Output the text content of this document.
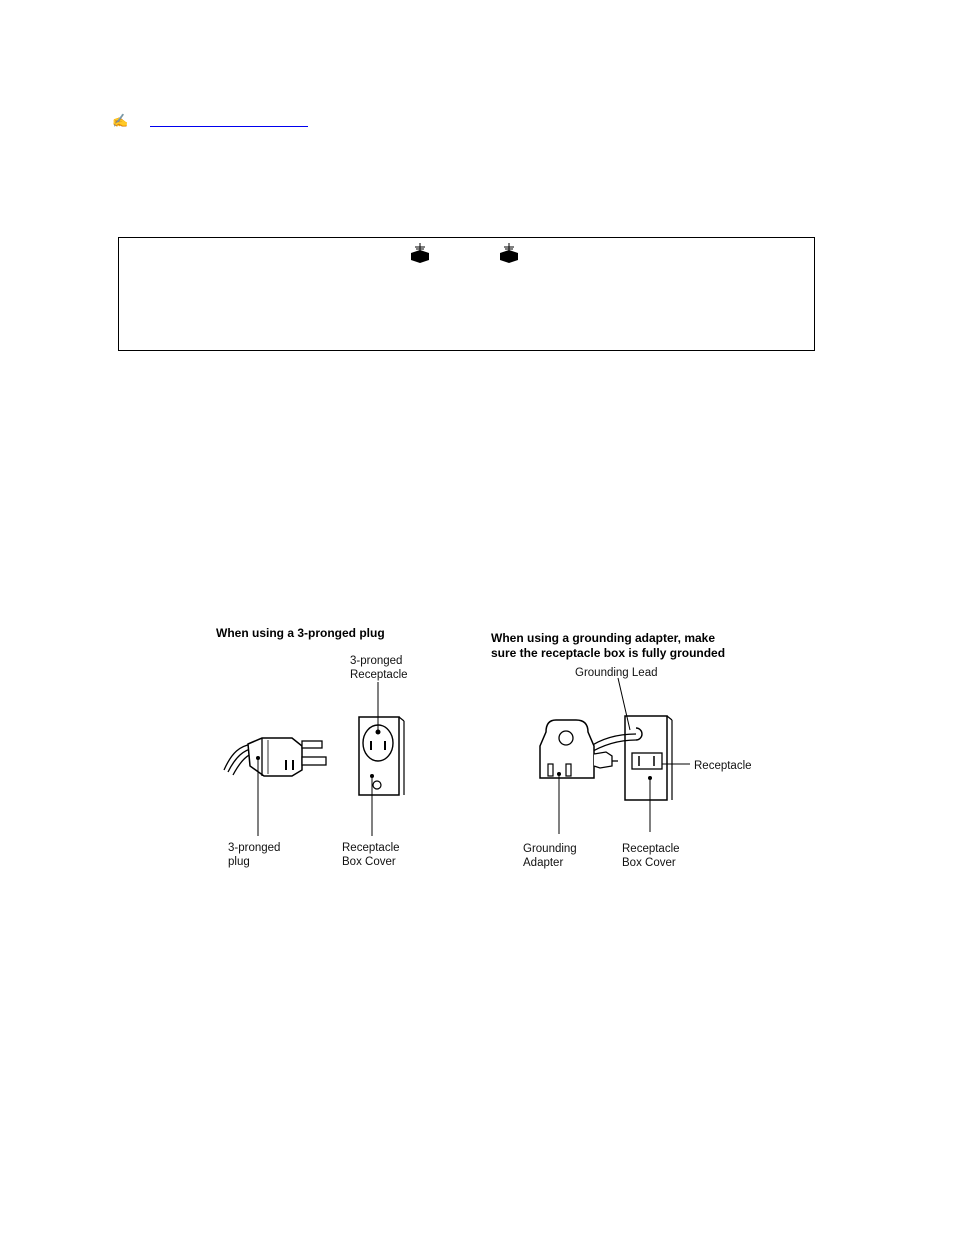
✍
When using a 3-pronged plug	When using a grounding adapter, make
sure the receptacle box is fully grounded
3-pronged
Receptacle
3-pronged
plug
Receptacle
Box Cover
Grounding Lead
Receptacle
Grounding
Adapter
Receptacle
Box Cover
